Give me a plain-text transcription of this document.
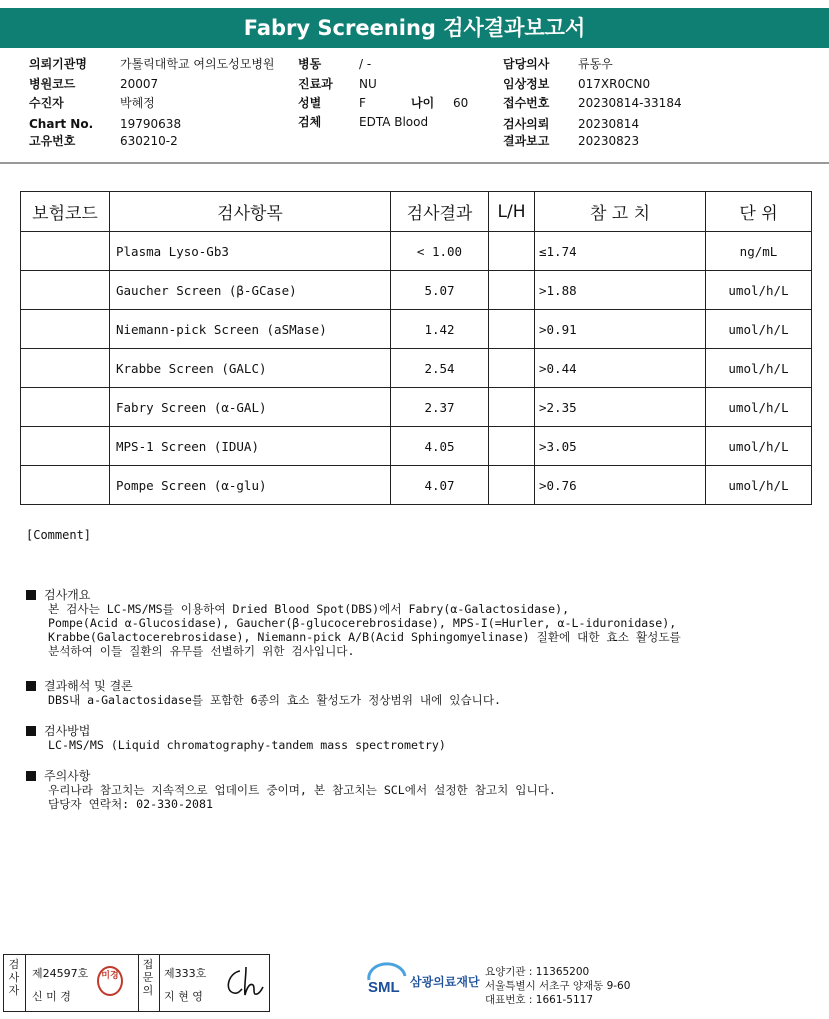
Fabry Screening 검사결과보고서
나이 60
보험코드	검사항목	검사결과	L/H	참 고 치	단 위
	Plasma Lyso-Gb3	< 1.00		≤1.74	ng/mL
	Gaucher Screen (β-GCase)	5.07		>1.88	umol/h/L
	Niemann-pick Screen (aSMase)	1.42		>0.91	umol/h/L
	Krabbe Screen (GALC)	2.54		>0.44	umol/h/L
	Fabry Screen (α-GAL)	2.37		>2.35	umol/h/L
	MPS-1 Screen (IDUA)	4.05		>3.05	umol/h/L
	Pompe Screen (α-glu)	4.07		>0.76	umol/h/L
[Comment]
검사개요
본 검사는 LC-MS/MS를 이용하여 Dried Blood Spot(DBS)에서 Fabry(α-Galactosidase),
Pompe(Acid α-Glucosidase), Gaucher(β-glucocerebrosidase), MPS-I(=Hurler, α-L-iduronidase),
Krabbe(Galactocerebrosidase), Niemann-pick A/B(Acid Sphingomyelinase) 질환에 대한 효소 활성도를
분석하여 이들 질환의 유무를 선별하기 위한 검사입니다.
결과해석 및 결론
DBS내 a-Galactosidase를 포함한 6종의 효소 활성도가 정상범위 내에 있습니다.
검사방법
LC-MS/MS (Liquid chromatography-tandem mass spectrometry)
주의사항
우리나라 참고치는 지속적으로 업데이트 중이며, 본 참고치는 SCL에서 설정한 참고치 입니다.
담당자 연락처: 02-330-2081
검사자
제24597호
신 미 경
미경
접문의
제333호
지 현 영
SML 삼광의료재단
요양기관 : 11365200
서울특별시 서초구 양재동 9-60
대표번호 : 1661-5117
의뢰기관명	가톨릭대학교 여의도성모병원
병원코드	20007
수진자	박혜정
Chart No. 19790638
고유번호	630210-2
병동	/ -
진료과 NU
성별	F
검체	EDTA Blood
담당의사 류동우
임상정보 017XR0CN0
접수번호 20230814-33184
검사의뢰 20230814
결과보고 20230823
